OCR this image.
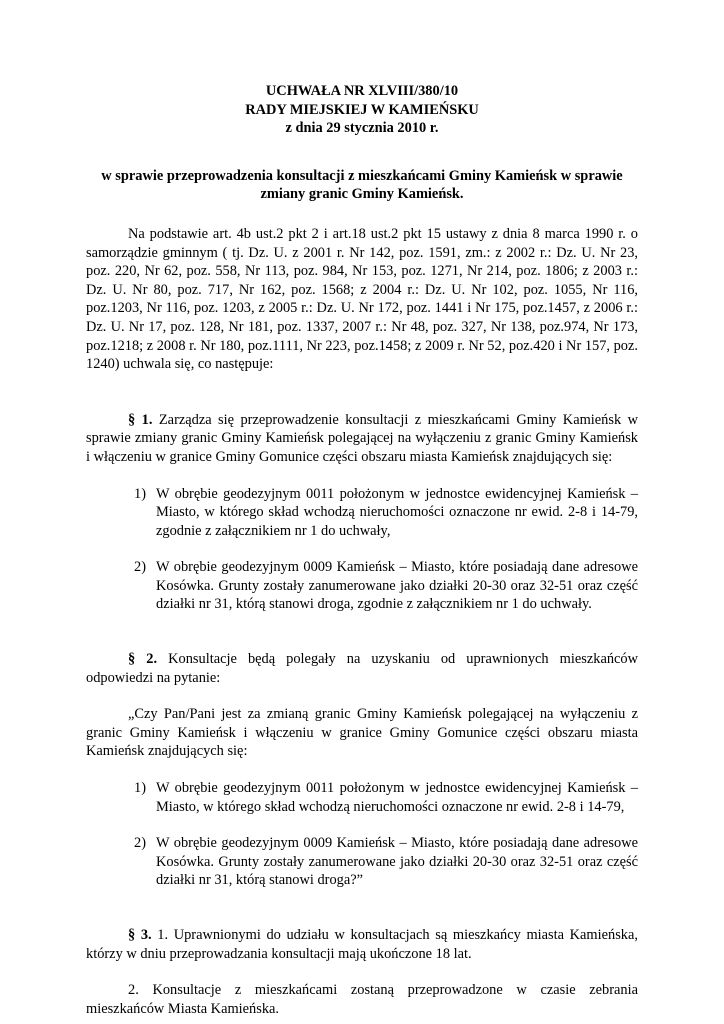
UCHWAŁA NR XLVIII/380/10

RADY MIEJSKIEJ W KAMIEŃSKU

z dnia 29 stycznia 2010 r.

w sprawie przeprowadzenia konsultacji z mieszkańcami Gminy Kamieńsk w sprawie
zmiany granic Gminy Kamieńsk.

Na podstawie art. 4b ust.2 pkt 2 i art.18 ust.2 pkt 15 ustawy z dnia 8 marca 1990 r. o samorządzie gminnym ( tj. Dz. U. z 2001 r. Nr 142, poz. 1591, zm.: z 2002 r.: Dz. U. Nr 23, poz. 220, Nr 62, poz. 558, Nr 113, poz. 984, Nr 153, poz. 1271, Nr 214, poz. 1806; z 2003 r.: Dz. U. Nr 80, poz. 717, Nr 162, poz. 1568; z 2004 r.: Dz. U. Nr 102, poz. 1055, Nr 116, poz.1203, Nr 116, poz. 1203, z 2005 r.: Dz. U. Nr 172, poz. 1441 i Nr 175, poz.1457, z 2006 r.: Dz. U. Nr 17, poz. 128, Nr 181, poz. 1337, 2007 r.: Nr 48, poz. 327, Nr 138, poz.974, Nr 173, poz.1218; z 2008 r. Nr 180, poz.1111, Nr 223, poz.1458; z 2009 r. Nr 52, poz.420 i Nr 157, poz. 1240) uchwala się, co następuje:

§ 1. Zarządza się przeprowadzenie konsultacji z mieszkańcami Gminy Kamieńsk w sprawie zmiany granic Gminy Kamieńsk polegającej na wyłączeniu z granic Gminy Kamieńsk i włączeniu w granice Gminy Gomunice części obszaru miasta Kamieńsk znajdujących się:

1) W obrębie geodezyjnym 0011 położonym w jednostce ewidencyjnej Kamieńsk – Miasto, w którego skład wchodzą nieruchomości oznaczone nr ewid. 2-8 i 14-79, zgodnie z załącznikiem nr 1 do uchwały,
2) W obrębie geodezyjnym 0009 Kamieńsk – Miasto, które posiadają dane adresowe Kosówka. Grunty zostały zanumerowane jako działki 20-30 oraz 32-51 oraz część działki nr 31, którą stanowi droga, zgodnie z załącznikiem nr 1 do uchwały.

§ 2. Konsultacje będą polegały na uzyskaniu od uprawnionych mieszkańców odpowiedzi na pytanie:

„Czy Pan/Pani jest za zmianą granic Gminy Kamieńsk polegającej na wyłączeniu z granic Gminy Kamieńsk i włączeniu w granice Gminy Gomunice części obszaru miasta Kamieńsk znajdujących się:

1) W obrębie geodezyjnym 0011 położonym w jednostce ewidencyjnej Kamieńsk – Miasto, w którego skład wchodzą nieruchomości oznaczone nr ewid. 2-8 i 14-79,
2) W obrębie geodezyjnym 0009 Kamieńsk – Miasto, które posiadają dane adresowe Kosówka. Grunty zostały zanumerowane jako działki 20-30 oraz 32-51 oraz część działki nr 31, którą stanowi droga?”

§ 3. 1. Uprawnionymi do udziału w konsultacjach są mieszkańcy miasta Kamieńska, którzy w dniu przeprowadzania konsultacji mają ukończone 18 lat.

2. Konsultacje z mieszkańcami zostaną przeprowadzone w czasie zebrania mieszkańców Miasta Kamieńska.
